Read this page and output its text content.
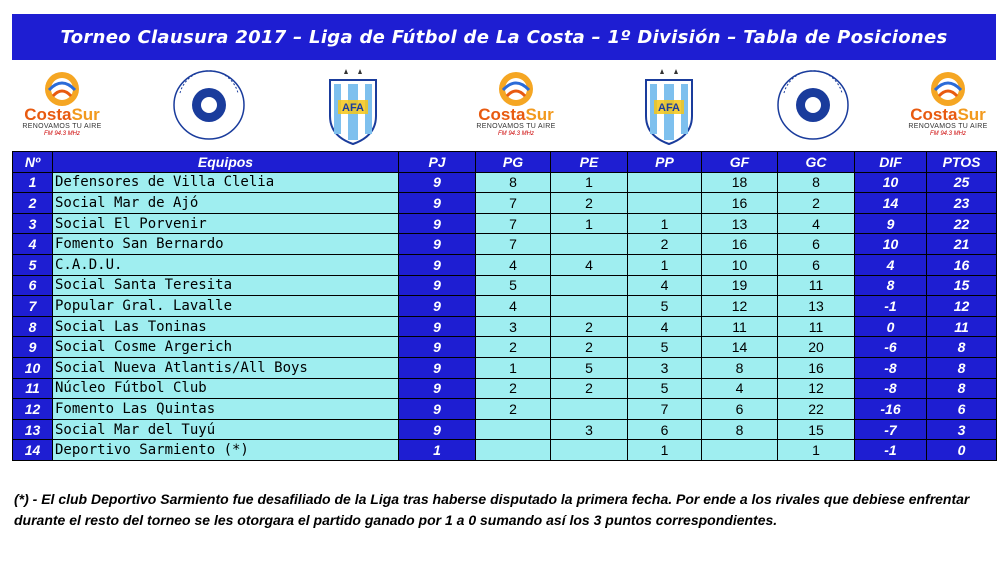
Torneo Clausura 2017 – Liga de Fútbol de La Costa – 1º División – Tabla de Posiciones
CostaSur
RENOVAMOS TU AIRE
FM 94.3 MHz
AFA	CostaSur
RENOVAMOS TU AIRE
FM 94.3 MHz
AFA	CostaSur
RENOVAMOS TU AIRE
FM 94.3 MHz
Nº	Equipos	PJ	PG	PE	PP	GF	GC	DIF	PTOS
1	Defensores de Villa Clelia	9	8	1		18	8	10	25
2	Social Mar de Ajó	9	7	2		16	2	14	23
3	Social El Porvenir	9	7	1	1	13	4	9	22
4	Fomento San Bernardo	9	7		2	16	6	10	21
5	C.A.D.U.	9	4	4	1	10	6	4	16
6	Social Santa Teresita	9	5		4	19	11	8	15
7	Popular Gral. Lavalle	9	4		5	12	13	-1	12
8	Social Las Toninas	9	3	2	4	11	11	0	11
9	Social Cosme Argerich	9	2	2	5	14	20	-6	8
10	Social Nueva Atlantis/All Boys	9	1	5	3	8	16	-8	8
11	Núcleo Fútbol Club	9	2	2	5	4	12	-8	8
12	Fomento Las Quintas	9	2		7	6	22	-16	6
13	Social Mar del Tuyú	9		3	6	8	15	-7	3
14	Deportivo Sarmiento (*)	1			1		1	-1	0
(*) - El club Deportivo Sarmiento fue desafiliado de la Liga tras haberse disputado la primera fecha. Por ende a los rivales que debiese enfrentar durante el resto del torneo se les otorgara el partido ganado por 1 a 0 sumando así los 3 puntos correspondientes.
